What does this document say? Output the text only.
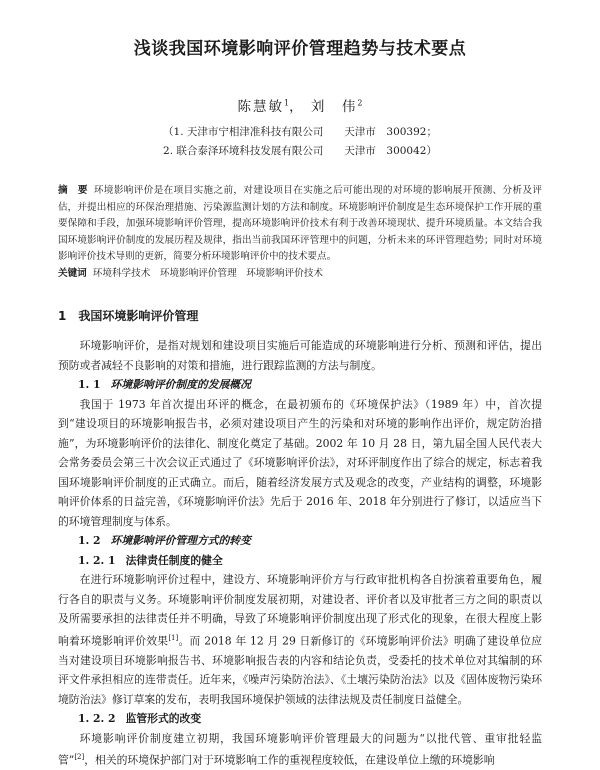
浅谈我国环境影响评价管理趋势与技术要点
陈慧敏$^1$， 刘　伟$^2$
（1. 天津市宁相津准科技有限公司　　天津市　300392；
2. 联合泰泽环境科技发展有限公司　　天津市　300042）
摘　要 环境影响评价是在项目实施之前，对建设项目在实施之后可能出现的对环境的影响展开预测、分析及评估，并提出相应的环保治理措施、污染源监测计划的方法和制度。环境影响评价制度是生态环境保护工作开展的重要保障和手段，加强环境影响评价管理，提高环境影响评价技术有利于改善环境现状、提升环境质量。本文结合我国环境影响评价制度的发展历程及规律，指出当前我国环评管理中的问题，分析未来的环评管理趋势；同时对环境影响评价技术导则的更新，简要分析环境影响评价中的技术要点。
关键词 环境科学技术　环境影响评价管理　环境影响评价技术
1 我国环境影响评价管理

环境影响评价，是指对规划和建设项目实施后可能造成的环境影响进行分析、预测和评估，提出预防或者减轻不良影响的对策和措施，进行跟踪监测的方法与制度。

1. 1 环境影响评价制度的发展概况

我国于 1973 年首次提出环评的概念，在最初颁布的《环境保护法》（1989 年）中，首次提到“建设项目的环境影响报告书，必须对建设项目产生的污染和对环境的影响作出评价，规定防治措施”，为环境影响评价的法律化、制度化奠定了基础。2002 年 10 月 28 日，第九届全国人民代表大会常务委员会第三十次会议正式通过了《环境影响评价法》，对环评制度作出了综合的规定，标志着我国环境影响评价制度的正式确立。而后，随着经济发展方式及观念的改变，产业结构的调整，环境影响评价体系的日益完善，《环境影响评价法》先后于 2016 年、2018 年分别进行了修订，以适应当下的环境管理制度与体系。

1. 2 环境影响评价管理方式的转变
1. 2. 1 法律责任制度的健全

在进行环境影响评价过程中，建设方、环境影响评价方与行政审批机构各自扮演着重要角色，履行各自的职责与义务。环境影响评价制度发展初期，对建设者、评价者以及审批者三方之间的职责以及所需要承担的法律责任并不明确，导致了环境影响评价制度出现了形式化的现象，在很大程度上影响着环境影响评价效果[1]。而 2018 年 12 月 29 日新修订的《环境影响评价法》明确了建设单位应当对建设项目环境影响报告书、环境影响报告表的内容和结论负责，受委托的技术单位对其编制的环评文件承担相应的连带责任。近年来，《噪声污染防治法》、《土壤污染防治法》以及《固体废物污染环境防治法》修订草案的发布，表明我国环境保护领域的法律法规及责任制度日益健全。

1. 2. 2 监管形式的改变

环境影响评价制度建立初期，我国环境影响评价管理最大的问题为“以批代管、重审批轻监管”[2]，相关的环境保护部门对于环境影响工作的重视程度较低，在建设单位上缴的环境影响
